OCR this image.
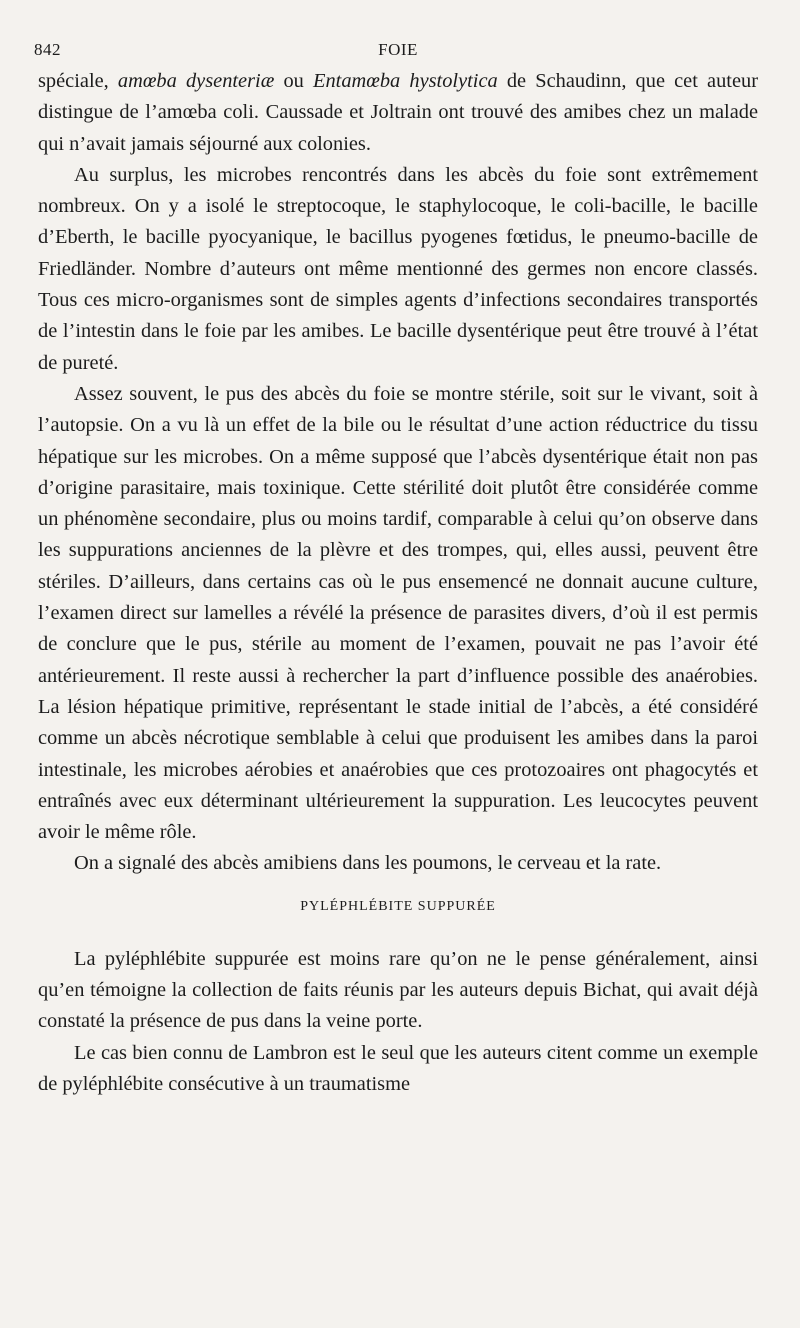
842	FOIE

spéciale, amœba dysenteriæ ou Entamœba hystolytica de Schaudinn, que cet auteur distingue de l’amœba coli. Caussade et Joltrain ont trouvé des amibes chez un malade qui n’avait jamais séjourné aux colonies.

Au surplus, les microbes rencontrés dans les abcès du foie sont extrêmement nombreux. On y a isolé le streptocoque, le staphylocoque, le coli-bacille, le bacille d’Eberth, le bacille pyocyanique, le bacillus pyogenes fœtidus, le pneumo-bacille de Friedländer. Nombre d’auteurs ont même mentionné des germes non encore classés. Tous ces micro-organismes sont de simples agents d’infections secondaires transportés de l’intestin dans le foie par les amibes. Le bacille dysentérique peut être trouvé à l’état de pureté.

Assez souvent, le pus des abcès du foie se montre stérile, soit sur le vivant, soit à l’autopsie. On a vu là un effet de la bile ou le résultat d’une action réductrice du tissu hépatique sur les microbes. On a même supposé que l’abcès dysentérique était non pas d’origine parasitaire, mais toxinique. Cette stérilité doit plutôt être considérée comme un phénomène secondaire, plus ou moins tardif, comparable à celui qu’on observe dans les suppurations anciennes de la plèvre et des trompes, qui, elles aussi, peuvent être stériles. D’ailleurs, dans certains cas où le pus ensemencé ne donnait aucune culture, l’examen direct sur lamelles a révélé la présence de parasites divers, d’où il est permis de conclure que le pus, stérile au moment de l’examen, pouvait ne pas l’avoir été antérieurement. Il reste aussi à rechercher la part d’influence possible des anaérobies. La lésion hépatique primitive, représentant le stade initial de l’abcès, a été considéré comme un abcès nécrotique semblable à celui que produisent les amibes dans la paroi intestinale, les microbes aérobies et anaérobies que ces protozoaires ont phagocytés et entraînés avec eux déterminant ultérieurement la suppuration. Les leucocytes peuvent avoir le même rôle.

On a signalé des abcès amibiens dans les poumons, le cerveau et la rate.

PYLÉPHLÉBITE SUPPURÉE

La pyléphlébite suppurée est moins rare qu’on ne le pense généralement, ainsi qu’en témoigne la collection de faits réunis par les auteurs depuis Bichat, qui avait déjà constaté la présence de pus dans la veine porte.

Le cas bien connu de Lambron est le seul que les auteurs citent comme un exemple de pyléphlébite consécutive à un traumatisme
